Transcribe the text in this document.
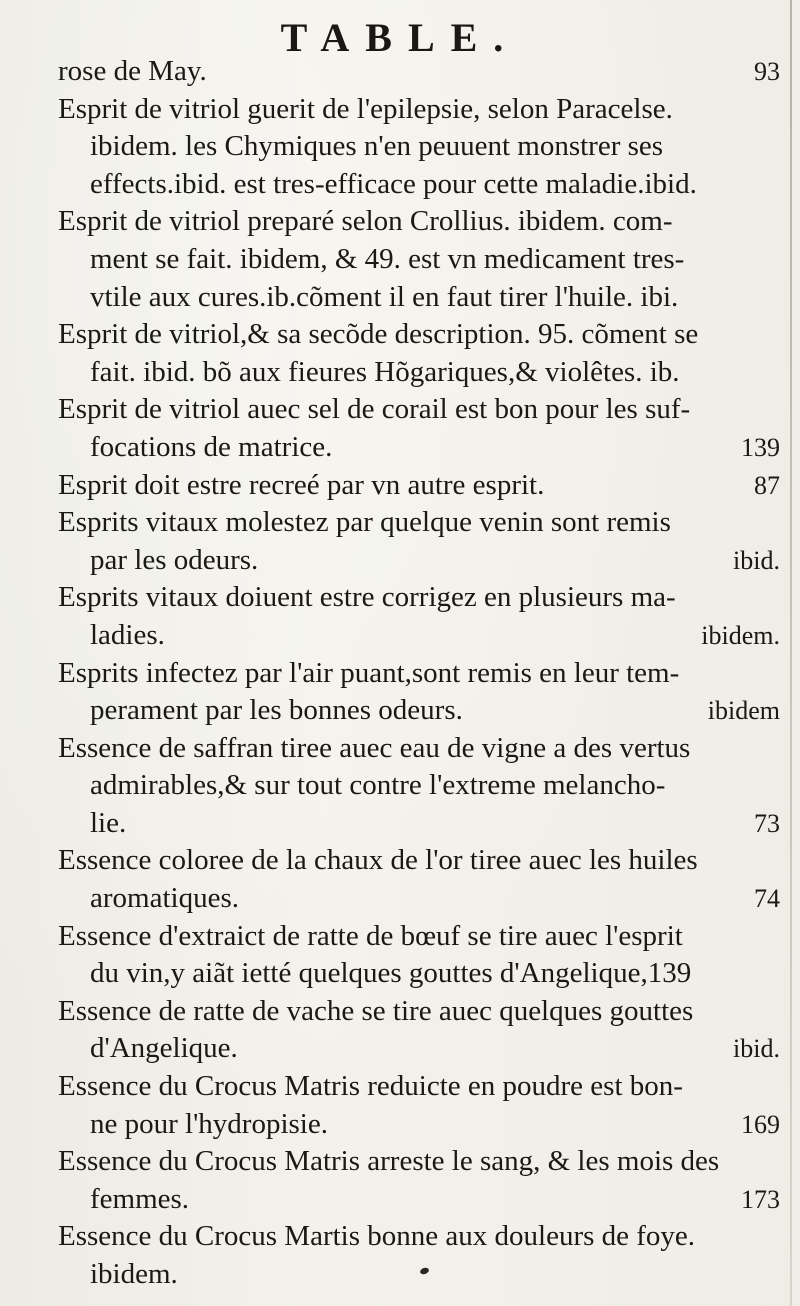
TABLE.
rose de May.	93
Esprit de vitriol guerit de l'epilepsie, selon Paracelse.
ibidem. les Chymiques n'en peuuent monstrer ses
effects.ibid. est tres-efficace pour cette maladie.ibid.
Esprit de vitriol preparé selon Crollius. ibidem. com-
ment se fait. ibidem, & 49. est vn medicament tres-
vtile aux cures.ib.cõment il en faut tirer l'huile. ibi.
Esprit de vitriol,& sa secõde description. 95. cõment se
fait. ibid. bõ aux fieures Hõgariques,& violêtes. ib.
Esprit de vitriol auec sel de corail est bon pour les suf-
focations de matrice.	139
Esprit doit estre recreé par vn autre esprit.	87
Esprits vitaux molestez par quelque venin sont remis
par les odeurs.	ibid.
Esprits vitaux doiuent estre corrigez en plusieurs ma-
ladies.	ibidem.
Esprits infectez par l'air puant,sont remis en leur tem-
perament par les bonnes odeurs.	ibidem
Essence de saffran tiree auec eau de vigne a des vertus
admirables,& sur tout contre l'extreme melancho-
lie.	73
Essence coloree de la chaux de l'or tiree auec les huiles
aromatiques.	74
Essence d'extraict de ratte de bœuf se tire auec l'esprit
du vin,y aiãt ietté quelques gouttes d'Angelique,139
Essence de ratte de vache se tire auec quelques gouttes
d'Angelique.	ibid.
Essence du Crocus Matris reduicte en poudre est bon-
ne pour l'hydropisie.	169
Essence du Crocus Matris arreste le sang, & les mois des
femmes.	173
Essence du Crocus Martis bonne aux douleurs de foye.
ibidem.
